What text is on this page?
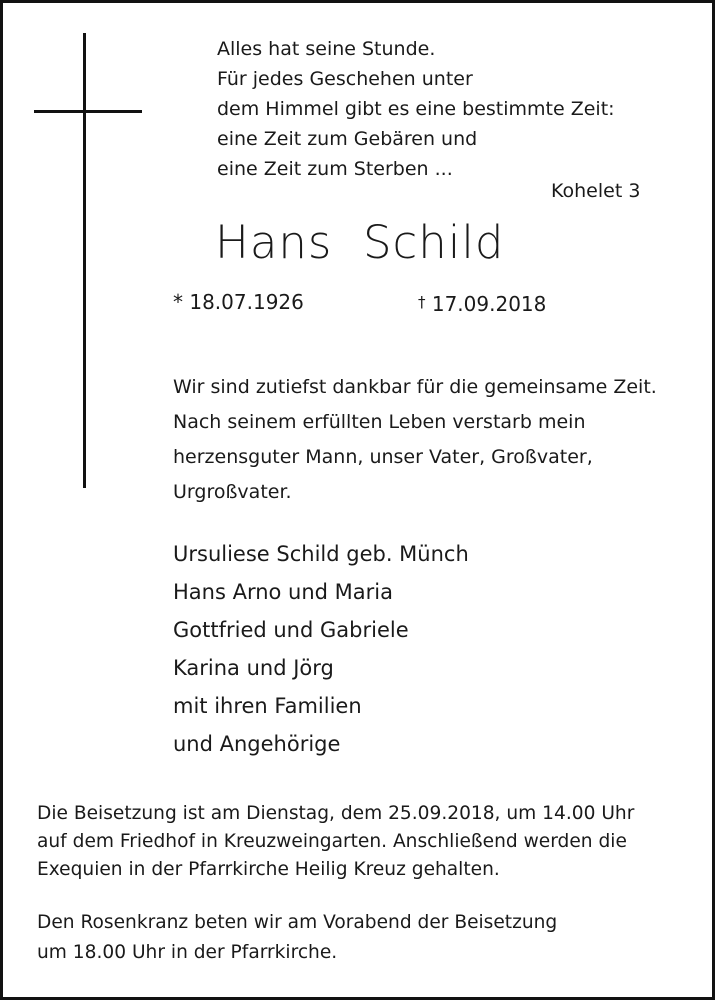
Alles hat seine Stunde.
Für jedes Geschehen unter
dem Himmel gibt es eine bestimmte Zeit:
eine Zeit zum Gebären und
eine Zeit zum Sterben ...
Kohelet 3
Hans  Schild
* 18.07.1926	† 17.09.2018
Wir sind zutiefst dankbar für die gemeinsame Zeit.
Nach seinem erfüllten Leben verstarb mein
herzensguter Mann, unser Vater, Großvater,
Urgroßvater.
Ursuliese Schild geb. Münch
Hans Arno und Maria
Gottfried und Gabriele
Karina und Jörg
mit ihren Familien
und Angehörige
Die Beisetzung ist am Dienstag, dem 25.09.2018, um 14.00 Uhr
auf dem Friedhof in Kreuzweingarten. Anschließend werden die
Exequien in der Pfarrkirche Heilig Kreuz gehalten.
Den Rosenkranz beten wir am Vorabend der Beisetzung
um 18.00 Uhr in der Pfarrkirche.
